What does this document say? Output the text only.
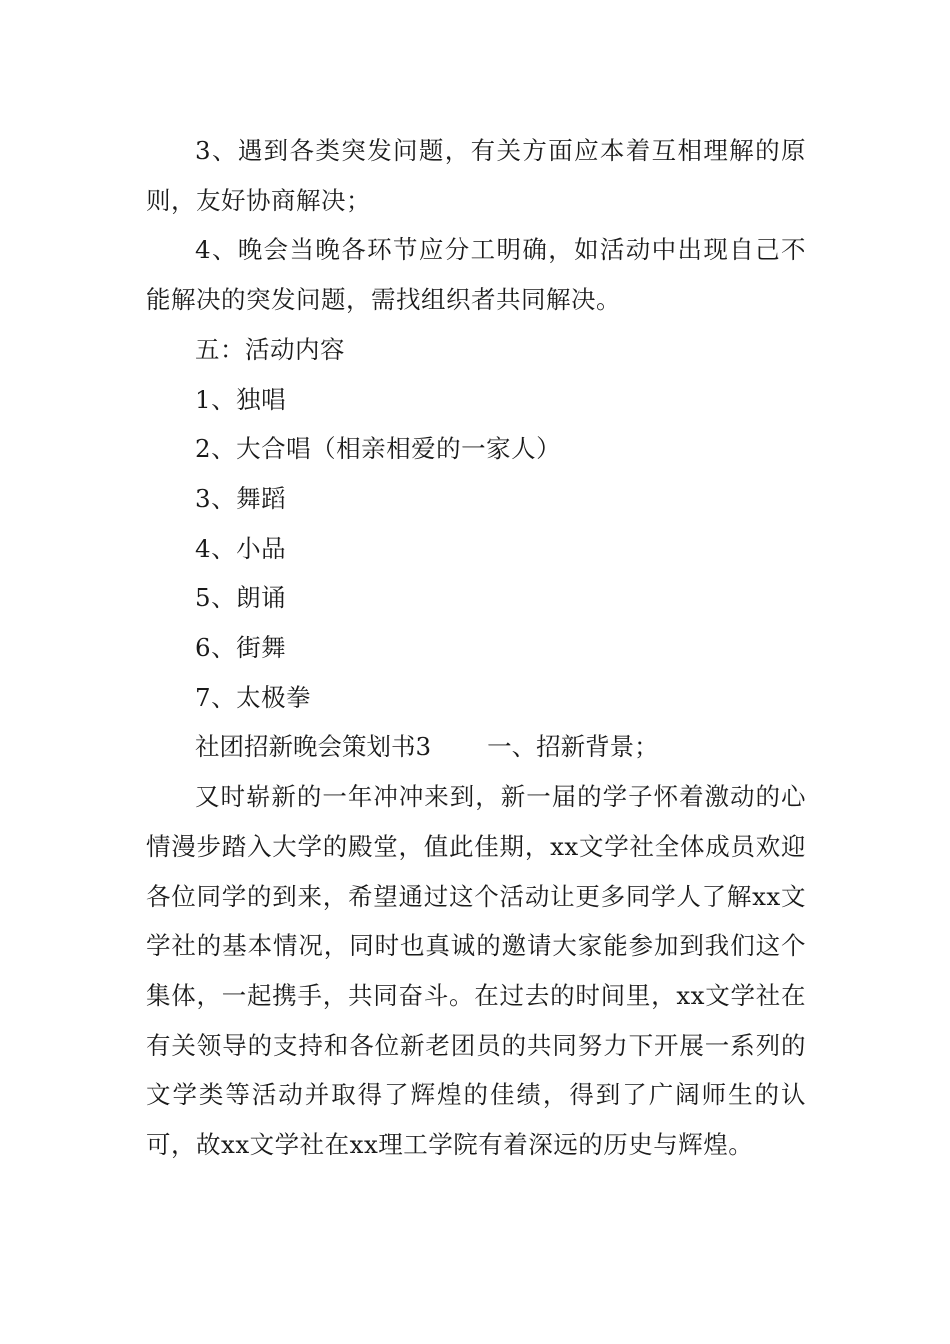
3、遇到各类突发问题，有关方面应本着互相理解的原则，友好协商解决；

4、晚会当晚各环节应分工明确，如活动中出现自己不能解决的突发问题，需找组织者共同解决。

五：活动内容

1、独唱

2、大合唱（相亲相爱的一家人）

3、舞蹈

4、小品

5、朗诵

6、街舞

7、太极拳

社团招新晚会策划书3 一、招新背景；

又时崭新的一年冲冲来到，新一届的学子怀着激动的心情漫步踏入大学的殿堂，值此佳期，xx文学社全体成员欢迎各位同学的到来，希望通过这个活动让更多同学人了解xx文学社的基本情况，同时也真诚的邀请大家能参加到我们这个集体，一起携手，共同奋斗。在过去的时间里，xx文学社在有关领导的支持和各位新老团员的共同努力下开展一系列的文学类等活动并取得了辉煌的佳绩，得到了广阔师生的认可，故xx文学社在xx理工学院有着深远的历史与辉煌。
